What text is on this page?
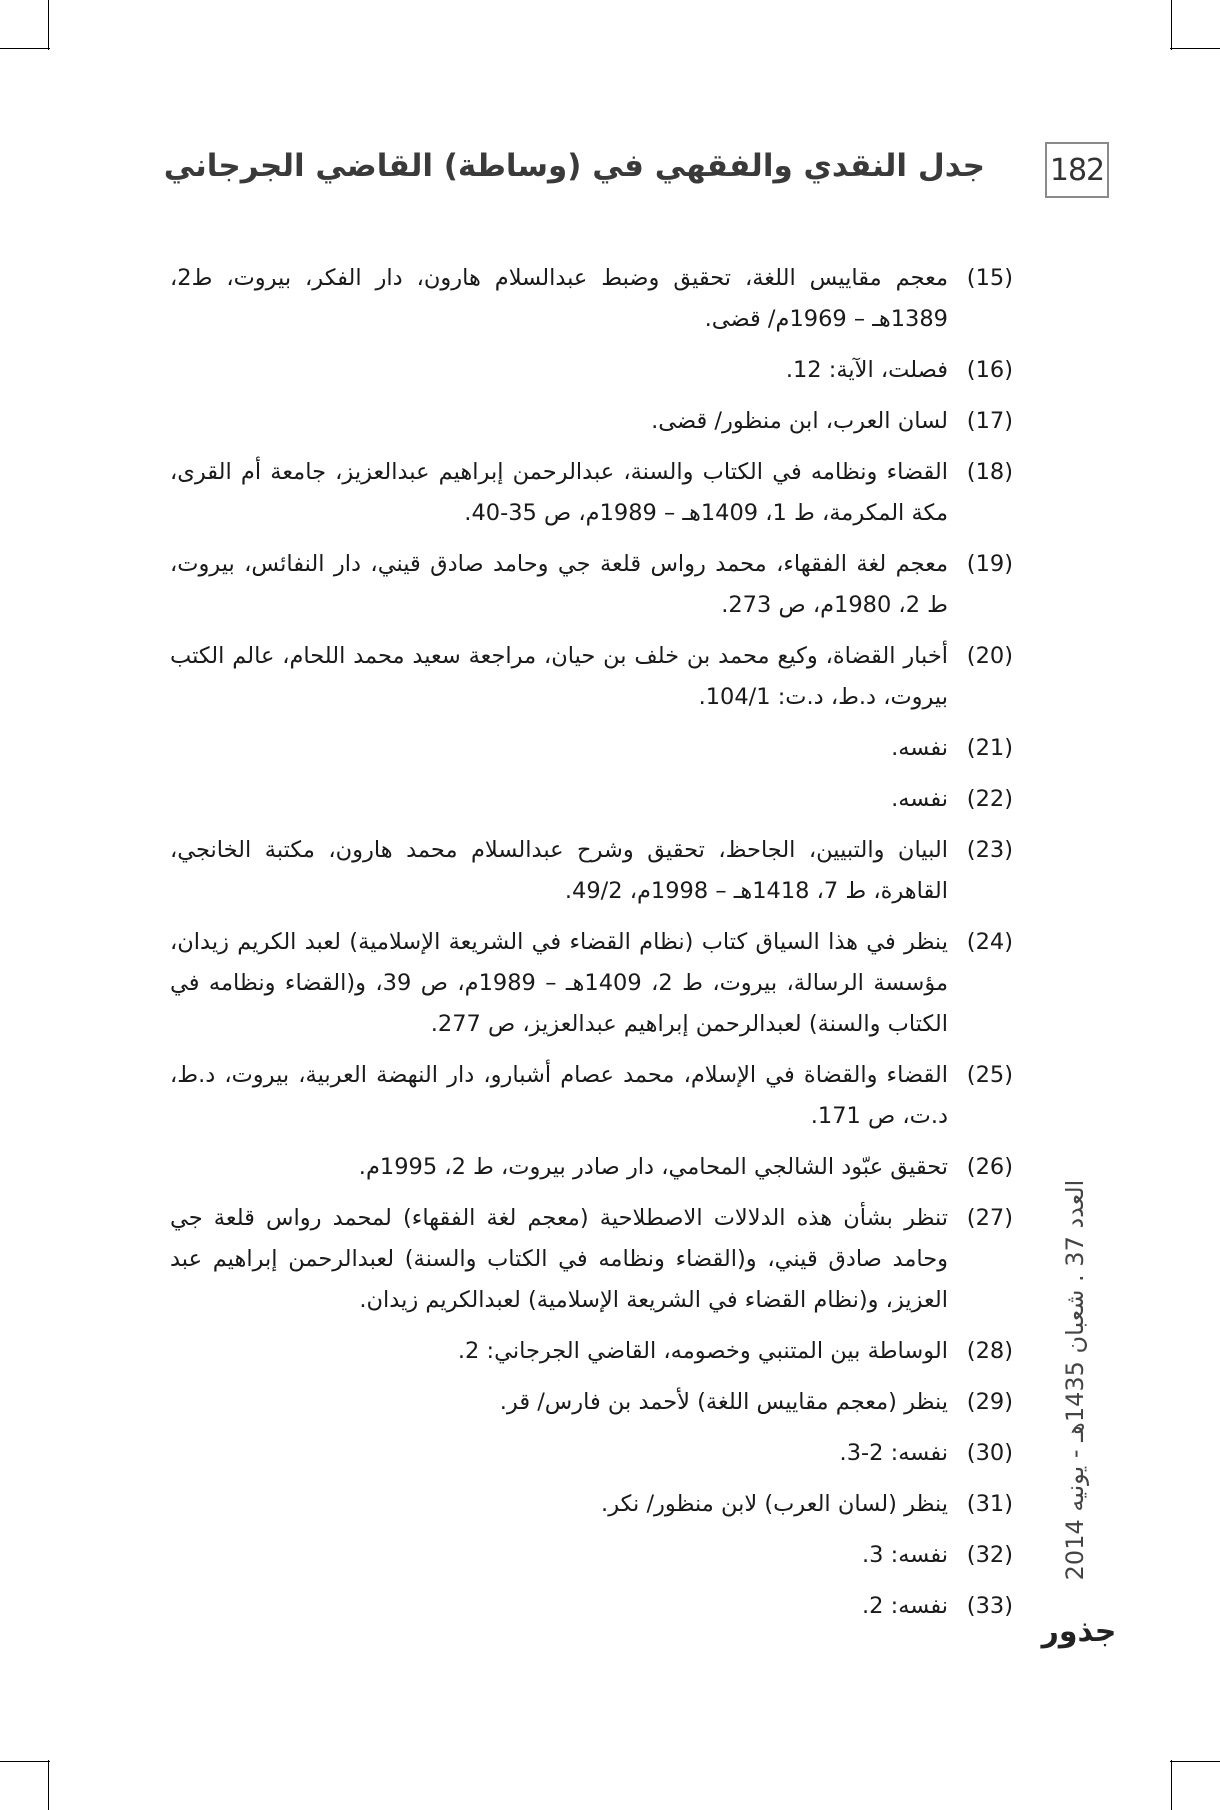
182
جدل النقدي والفقهي في (وساطة) القاضي الجرجاني
(15)
معجم مقاييس اللغة، تحقيق وضبط عبدالسلام هارون، دار الفكر، بيروت، ط2، 1389هـ – 1969م/ قضى.
(16)
فصلت، الآية: 12.
(17)
لسان العرب، ابن منظور/ قضى.
(18)
القضاء ونظامه في الكتاب والسنة، عبدالرحمن إبراهيم عبدالعزيز، جامعة أم القرى، مكة المكرمة، ط 1، 1409هـ – 1989م، ص 35-40.
(19)
معجم لغة الفقهاء، محمد رواس قلعة جي وحامد صادق قيني، دار النفائس، بيروت، ط 2، 1980م، ص 273.
(20)
أخبار القضاة، وكيع محمد بن خلف بن حيان، مراجعة سعيد محمد اللحام، عالم الكتب بيروت، د.ط، د.ت: 104/1.
(21)
نفسه.
(22)
نفسه.
(23)
البيان والتبيين، الجاحظ، تحقيق وشرح عبدالسلام محمد هارون، مكتبة الخانجي، القاهرة، ط 7، 1418هـ – 1998م، 49/2.
(24)
ينظر في هذا السياق كتاب (نظام القضاء في الشريعة الإسلامية) لعبد الكريم زيدان، مؤسسة الرسالة، بيروت، ط 2، 1409هـ – 1989م، ص 39، و(القضاء ونظامه في الكتاب والسنة) لعبدالرحمن إبراهيم عبدالعزيز، ص 277.
(25)
القضاء والقضاة في الإسلام، محمد عصام أشبارو، دار النهضة العربية، بيروت، د.ط، د.ت، ص 171.
(26)
تحقيق عبّود الشالجي المحامي، دار صادر بيروت، ط 2، 1995م.
(27)
تنظر بشأن هذه الدلالات الاصطلاحية (معجم لغة الفقهاء) لمحمد رواس قلعة جي وحامد صادق قيني، و(القضاء ونظامه في الكتاب والسنة) لعبدالرحمن إبراهيم عبد العزيز، و(نظام القضاء في الشريعة الإسلامية) لعبدالكريم زيدان.
(28)
الوساطة بين المتنبي وخصومه، القاضي الجرجاني: 2.
(29)
ينظر (معجم مقاييس اللغة) لأحمد بن فارس/ قر.
(30)
نفسه: 2-3.
(31)
ينظر (لسان العرب) لابن منظور/ نكر.
(32)
نفسه: 3.
(33)
نفسه: 2.
العدد 37 . شعبان 1435هـ - يونيه 2014
جذور
